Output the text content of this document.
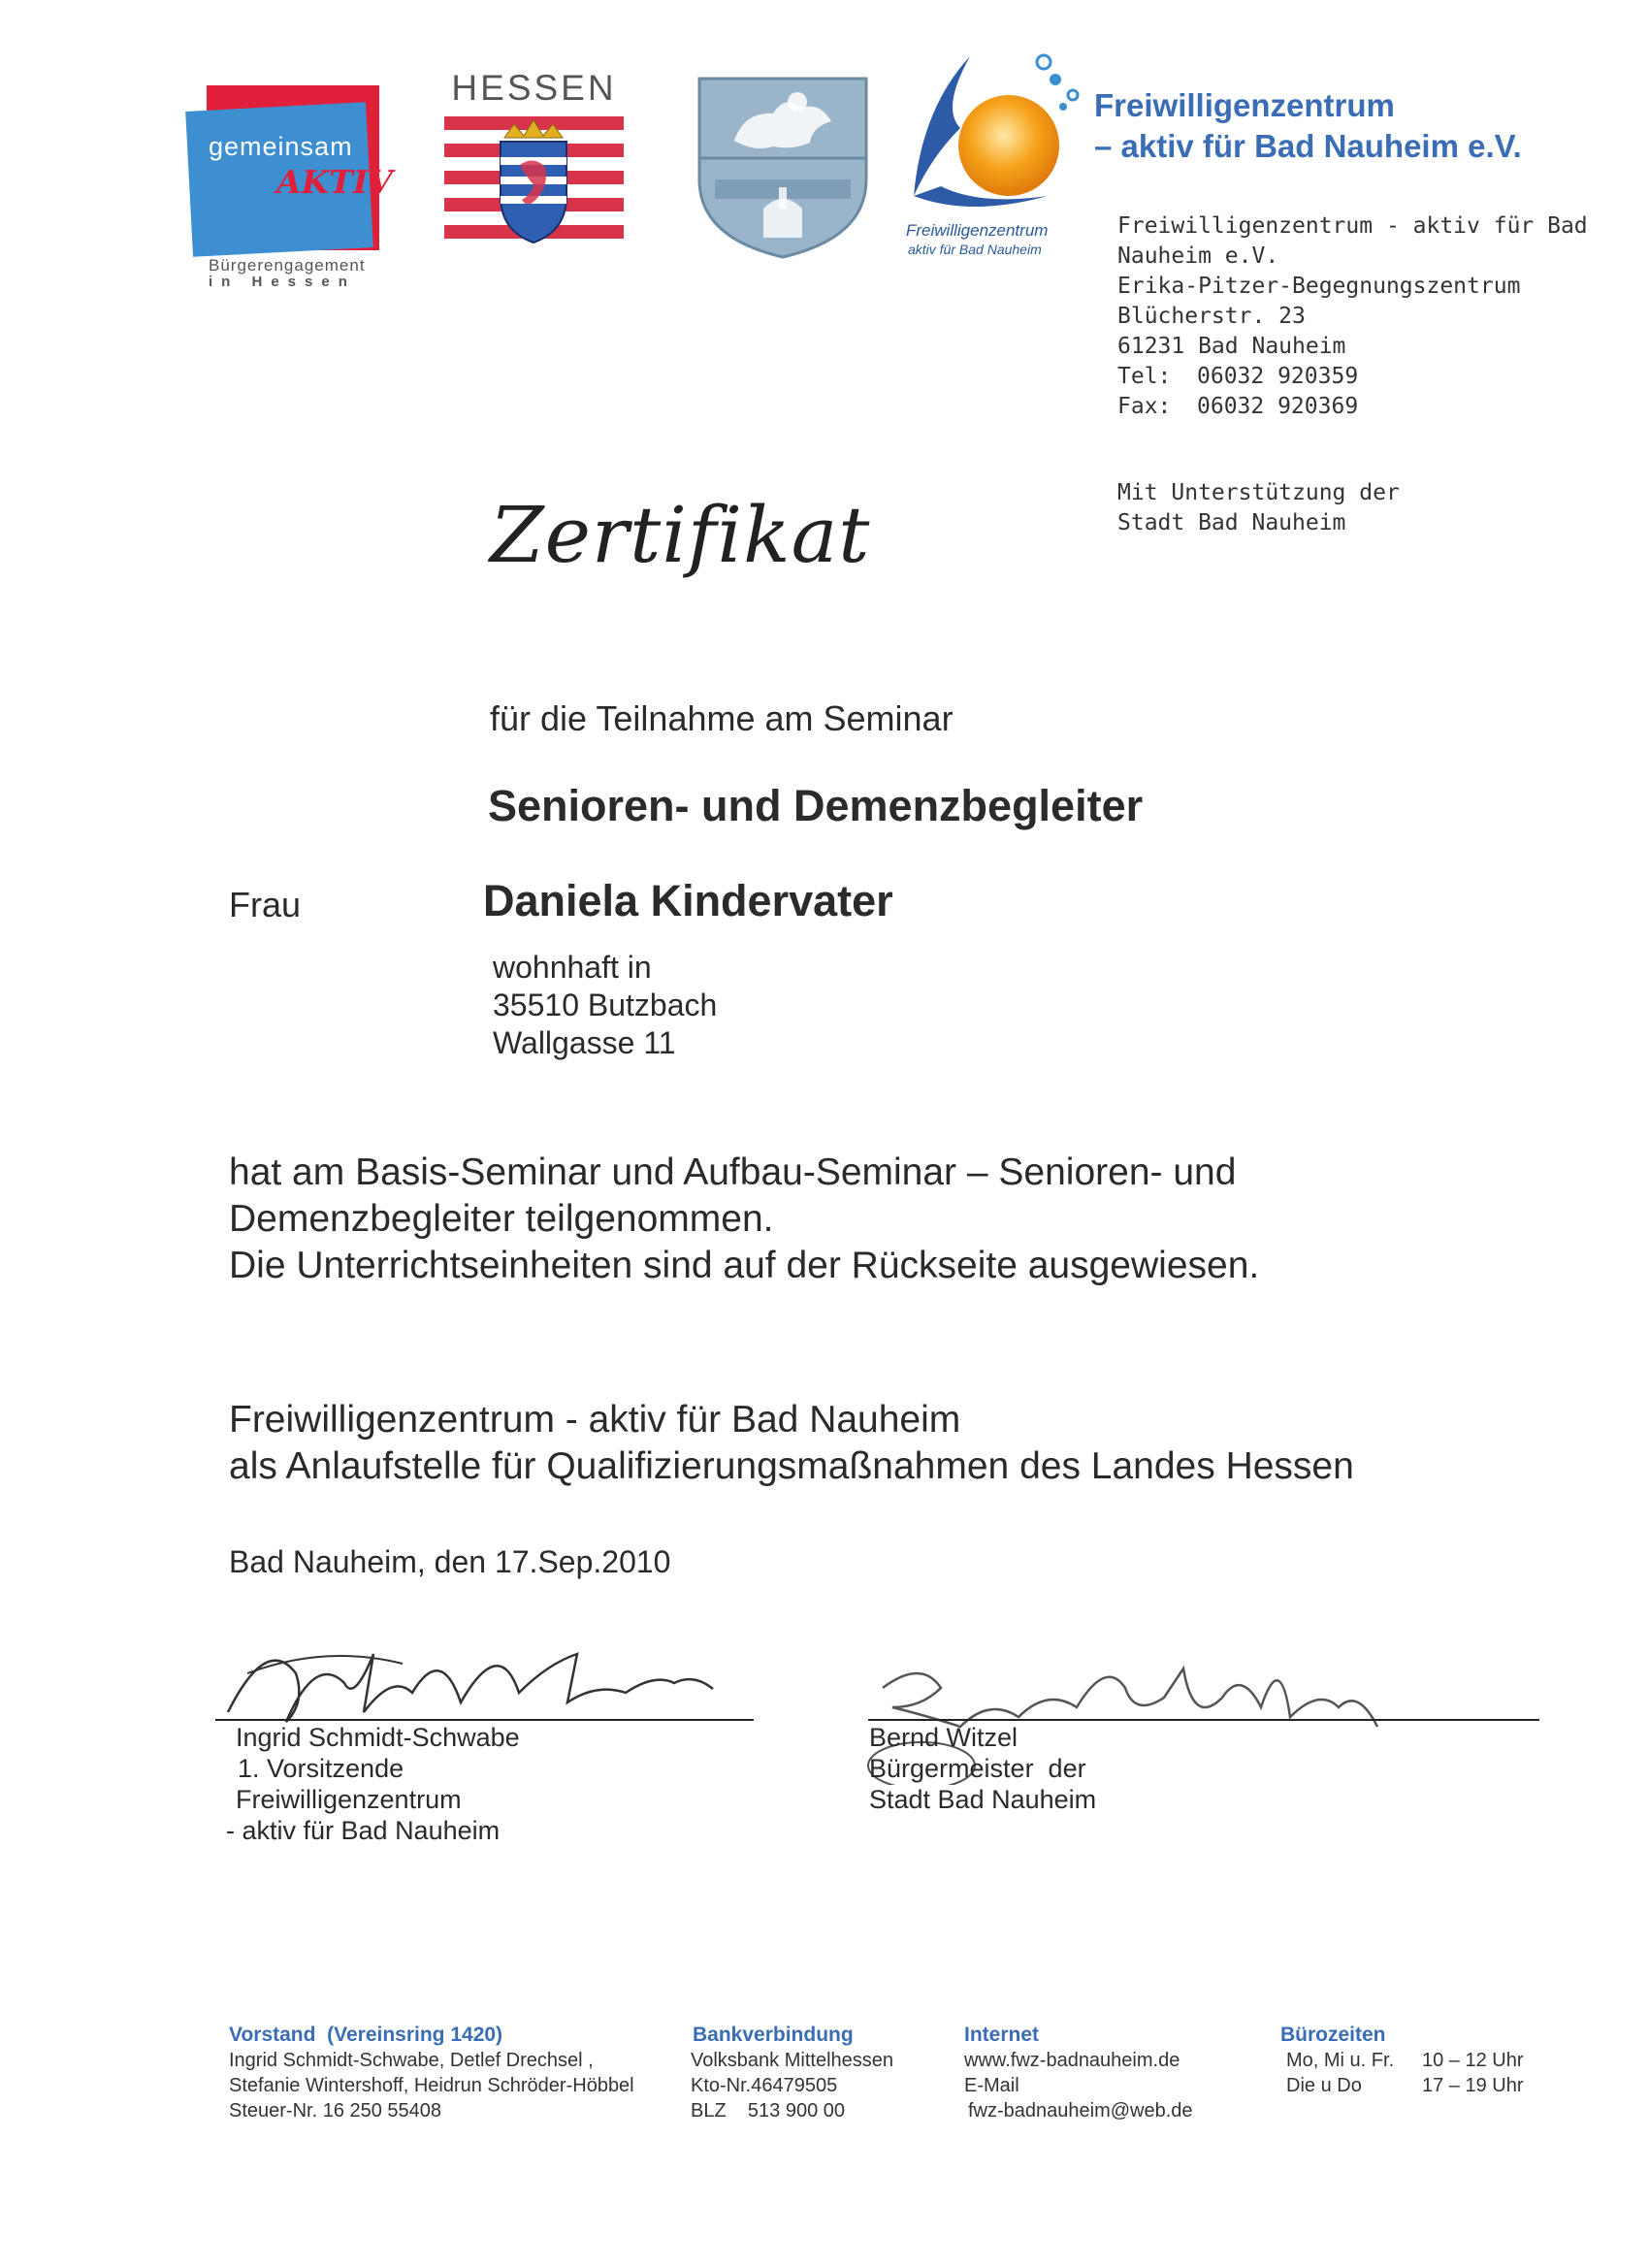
gemeinsam
AKTIV
Bürgerengagement
in Hessen
HESSEN
Freiwilligenzentrum
aktiv für Bad Nauheim
Freiwilligenzentrum
– aktiv für Bad Nauheim e.V.
Freiwilligenzentrum - aktiv für Bad
Nauheim e.V.
Erika-Pitzer-Begegnungszentrum
Blücherstr. 23
61231 Bad Nauheim
Tel: 06032 920359
Fax: 06032 920369
Mit Unterstützung der
Stadt Bad Nauheim
Zertifikat
für die Teilnahme am Seminar
Senioren- und Demenzbegleiter
Frau	Daniela Kindervater
wohnhaft in
35510 Butzbach
Wallgasse 11
hat am Basis-Seminar und Aufbau-Seminar – Senioren- und
Demenzbegleiter teilgenommen.
Die Unterrichtseinheiten sind auf der Rückseite ausgewiesen.
Freiwilligenzentrum - aktiv für Bad Nauheim
als Anlaufstelle für Qualifizierungsmaßnahmen des Landes Hessen
Bad Nauheim, den 17.Sep.2010
Ingrid Schmidt-Schwabe
1. Vorsitzende
Freiwilligenzentrum
- aktiv für Bad Nauheim
Bernd Witzel
Bürgermeister  der
Stadt Bad Nauheim
Vorstand  (Vereinsring 1420)
Ingrid Schmidt-Schwabe, Detlef Drechsel ,
Stefanie Wintershoff, Heidrun Schröder-Höbbel
Steuer-Nr. 16 250 55408
Bankverbindung
Volksbank Mittelhessen
Kto-Nr.46479505
BLZ    513 900 00
Internet
www.fwz-badnauheim.de
E-Mail
fwz-badnauheim@web.de
Bürozeiten
Mo, Mi u. Fr. 10 – 12 Uhr
Die u Do	17 – 19 Uhr
